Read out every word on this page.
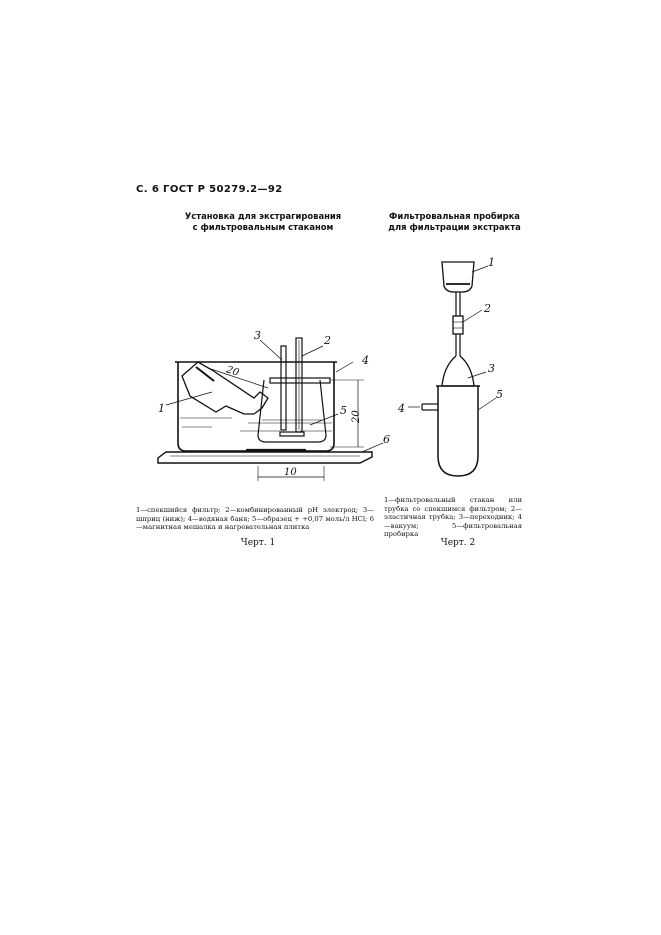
С. 6 ГОСТ Р 50279.2—92
Установка для экстрагирования
с фильтровальным стаканом
Фильтровальная пробирка
для фильтрации экстракта
1
2
3
4
5
6
20
20
10
1
2
3
4
5
1—спекшийся фильтр; 2—комбинированный pH электрод; 3—шприц (ниж); 4—водяная баня; 5—образец + +0,07 моль/л HCl; 6—магнитная мешалка и нагревательная плитка
Черт. 1
1—фильтровальный стакан или трубка со спекшимся фильтром; 2—эластичная трубка; 3—переходник; 4—вакуум; 5—фильтровальная пробирка
Черт. 2
